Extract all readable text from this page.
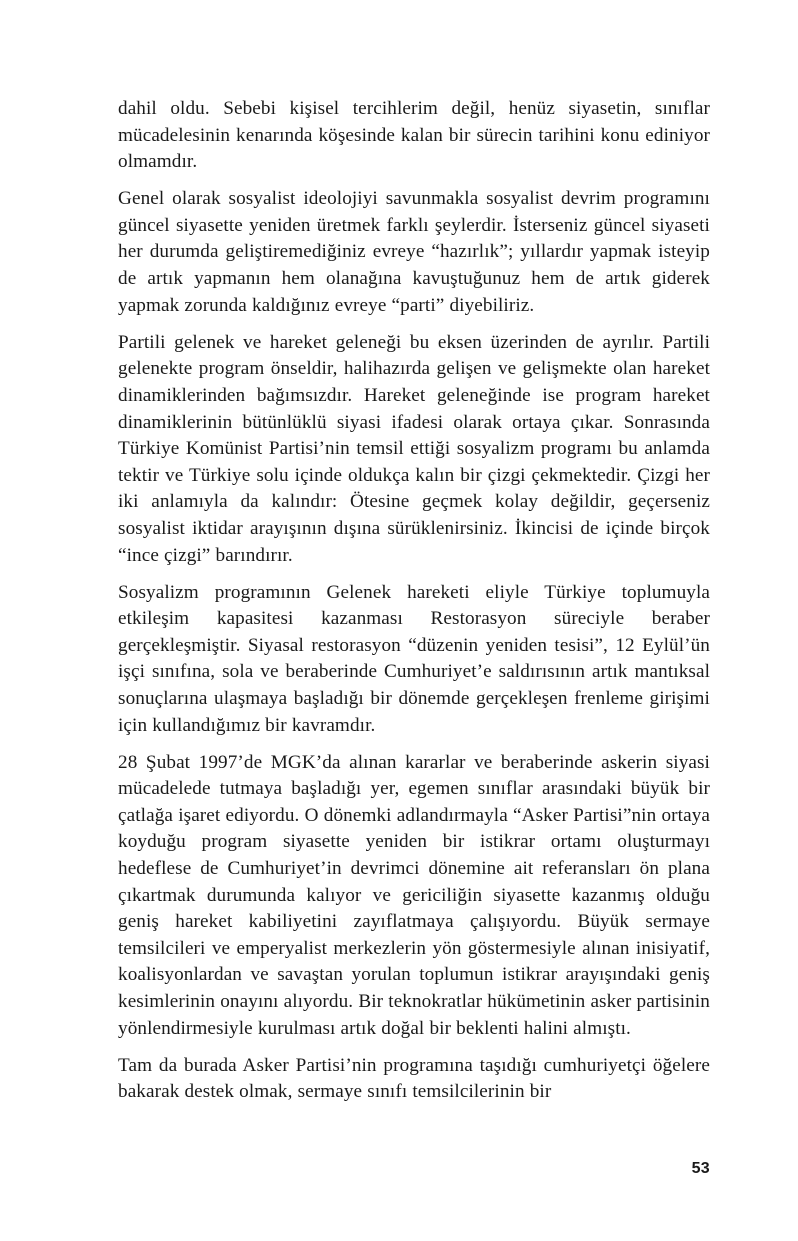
dahil oldu. Sebebi kişisel tercihlerim değil, henüz siyasetin, sınıflar mücadelesinin kenarında köşesinde kalan bir sürecin tarihini konu ediniyor olmamdır.

Genel olarak sosyalist ideolojiyi savunmakla sosyalist devrim programını güncel siyasette yeniden üretmek farklı şeylerdir. İsterseniz güncel siyaseti her durumda geliştiremediğiniz evreye “hazırlık”; yıllardır yapmak isteyip de artık yapmanın hem olanağına kavuştuğunuz hem de artık giderek yapmak zorunda kaldığınız evreye “parti” diyebiliriz.

Partili gelenek ve hareket geleneği bu eksen üzerinden de ayrılır. Partili gelenekte program önseldir, halihazırda gelişen ve gelişmekte olan hareket dinamiklerinden bağımsızdır. Hareket geleneğinde ise program hareket dinamiklerinin bütünlüklü siyasi ifadesi olarak ortaya çıkar. Sonrasında Türkiye Komünist Partisi’nin temsil ettiği sosyalizm programı bu anlamda tektir ve Türkiye solu içinde oldukça kalın bir çizgi çekmektedir. Çizgi her iki anlamıyla da kalındır: Ötesine geçmek kolay değildir, geçerseniz sosyalist iktidar arayışının dışına sürüklenirsiniz. İkincisi de içinde birçok “ince çizgi” barındırır.

Sosyalizm programının Gelenek hareketi eliyle Türkiye toplumuyla etkileşim kapasitesi kazanması Restorasyon süreciyle beraber gerçekleşmiştir. Siyasal restorasyon “düzenin yeniden tesisi”, 12 Eylül’ün işçi sınıfına, sola ve beraberinde Cumhuriyet’e saldırısının artık mantıksal sonuçlarına ulaşmaya başladığı bir dönemde gerçekleşen frenleme girişimi için kullandığımız bir kavramdır.

28 Şubat 1997’de MGK’da alınan kararlar ve beraberinde askerin siyasi mücadelede tutmaya başladığı yer, egemen sınıflar arasındaki büyük bir çatlağa işaret ediyordu. O dönemki adlandırmayla “Asker Partisi”nin ortaya koyduğu program siyasette yeniden bir istikrar ortamı oluşturmayı hedeflese de Cumhuriyet’in devrimci dönemine ait referansları ön plana çıkartmak durumunda kalıyor ve gericiliğin siyasette kazanmış olduğu geniş hareket kabiliyetini zayıflatmaya çalışıyordu. Büyük sermaye temsilcileri ve emperyalist merkezlerin yön göstermesiyle alınan inisiyatif, koalisyonlardan ve savaştan yorulan toplumun istikrar arayışındaki geniş kesimlerinin onayını alıyordu. Bir teknokratlar hükümetinin asker partisinin yönlendirmesiyle kurulması artık doğal bir beklenti halini almıştı.

Tam da burada Asker Partisi’nin programına taşıdığı cumhuriyetçi öğelere bakarak destek olmak, sermaye sınıfı temsilcilerinin bir

53
